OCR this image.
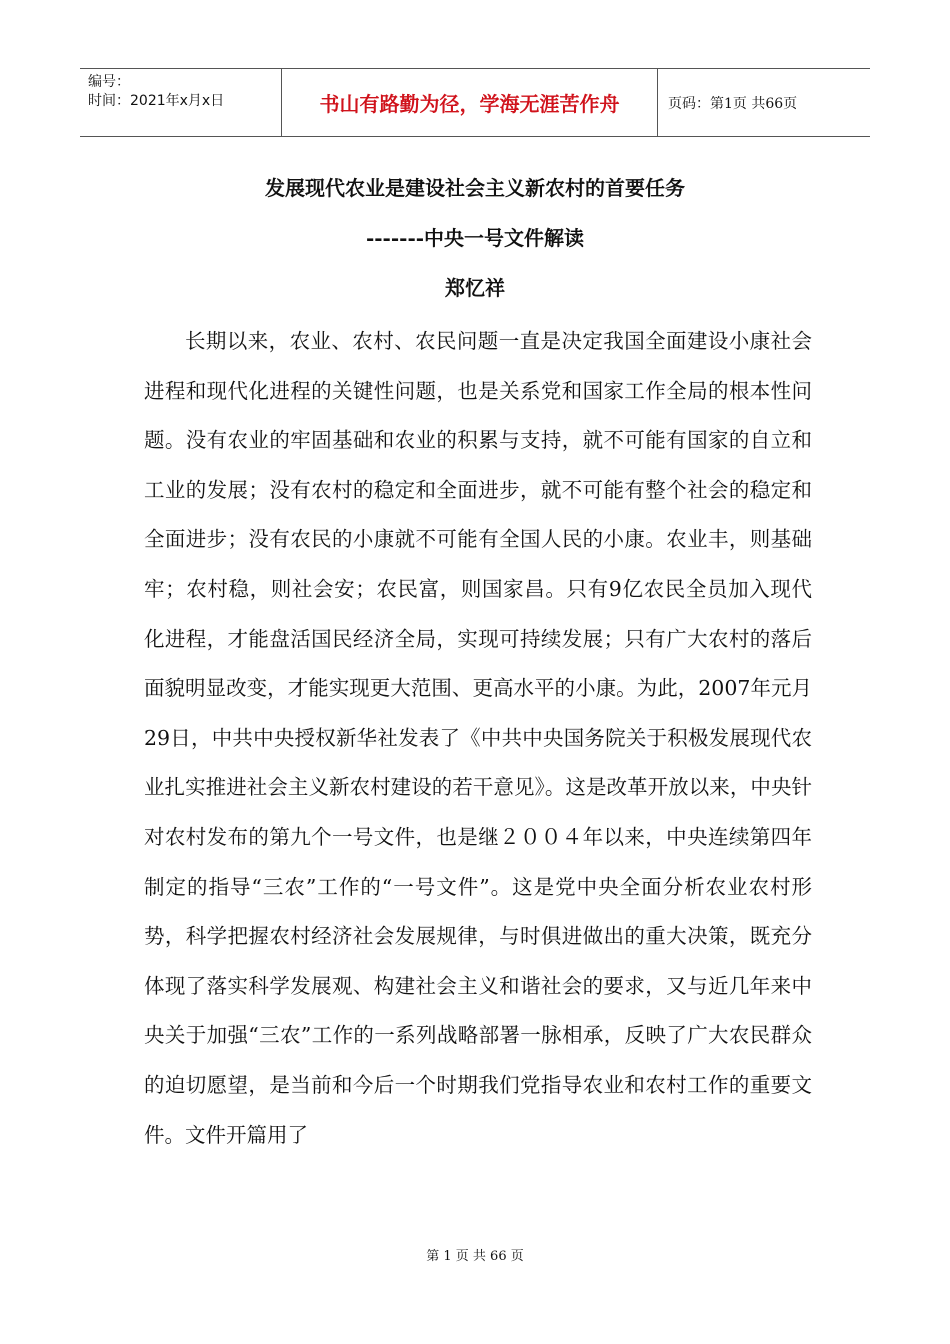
编号：
时间：2021年x月x日	书山有路勤为径，学海无涯苦作舟	页码：第1页 共66页
发展现代农业是建设社会主义新农村的首要任务
-------中央一号文件解读
郑忆祥

长期以来，农业、农村、农民问题一直是决定我国全面建设小康社会进程和现代化进程的关键性问题，也是关系党和国家工作全局的根本性问题。没有农业的牢固基础和农业的积累与支持，就不可能有国家的自立和工业的发展；没有农村的稳定和全面进步，就不可能有整个社会的稳定和全面进步；没有农民的小康就不可能有全国人民的小康。农业丰，则基础牢；农村稳，则社会安；农民富，则国家昌。只有9亿农民全员加入现代化进程，才能盘活国民经济全局，实现可持续发展；只有广大农村的落后面貌明显改变，才能实现更大范围、更高水平的小康。为此，2007年元月29日，中共中央授权新华社发表了《中共中央国务院关于积极发展现代农业扎实推进社会主义新农村建设的若干意见》。这是改革开放以来，中央针对农村发布的第九个一号文件，也是继２００４年以来，中央连续第四年制定的指导“三农”工作的“一号文件”。这是党中央全面分析农业农村形势，科学把握农村经济社会发展规律，与时俱进做出的重大决策，既充分体现了落实科学发展观、构建社会主义和谐社会的要求，又与近几年来中央关于加强“三农”工作的一系列战略部署一脉相承，反映了广大农民群众的迫切愿望，是当前和今后一个时期我们党指导农业和农村工作的重要文件。文件开篇用了

第 1 页 共 66 页
